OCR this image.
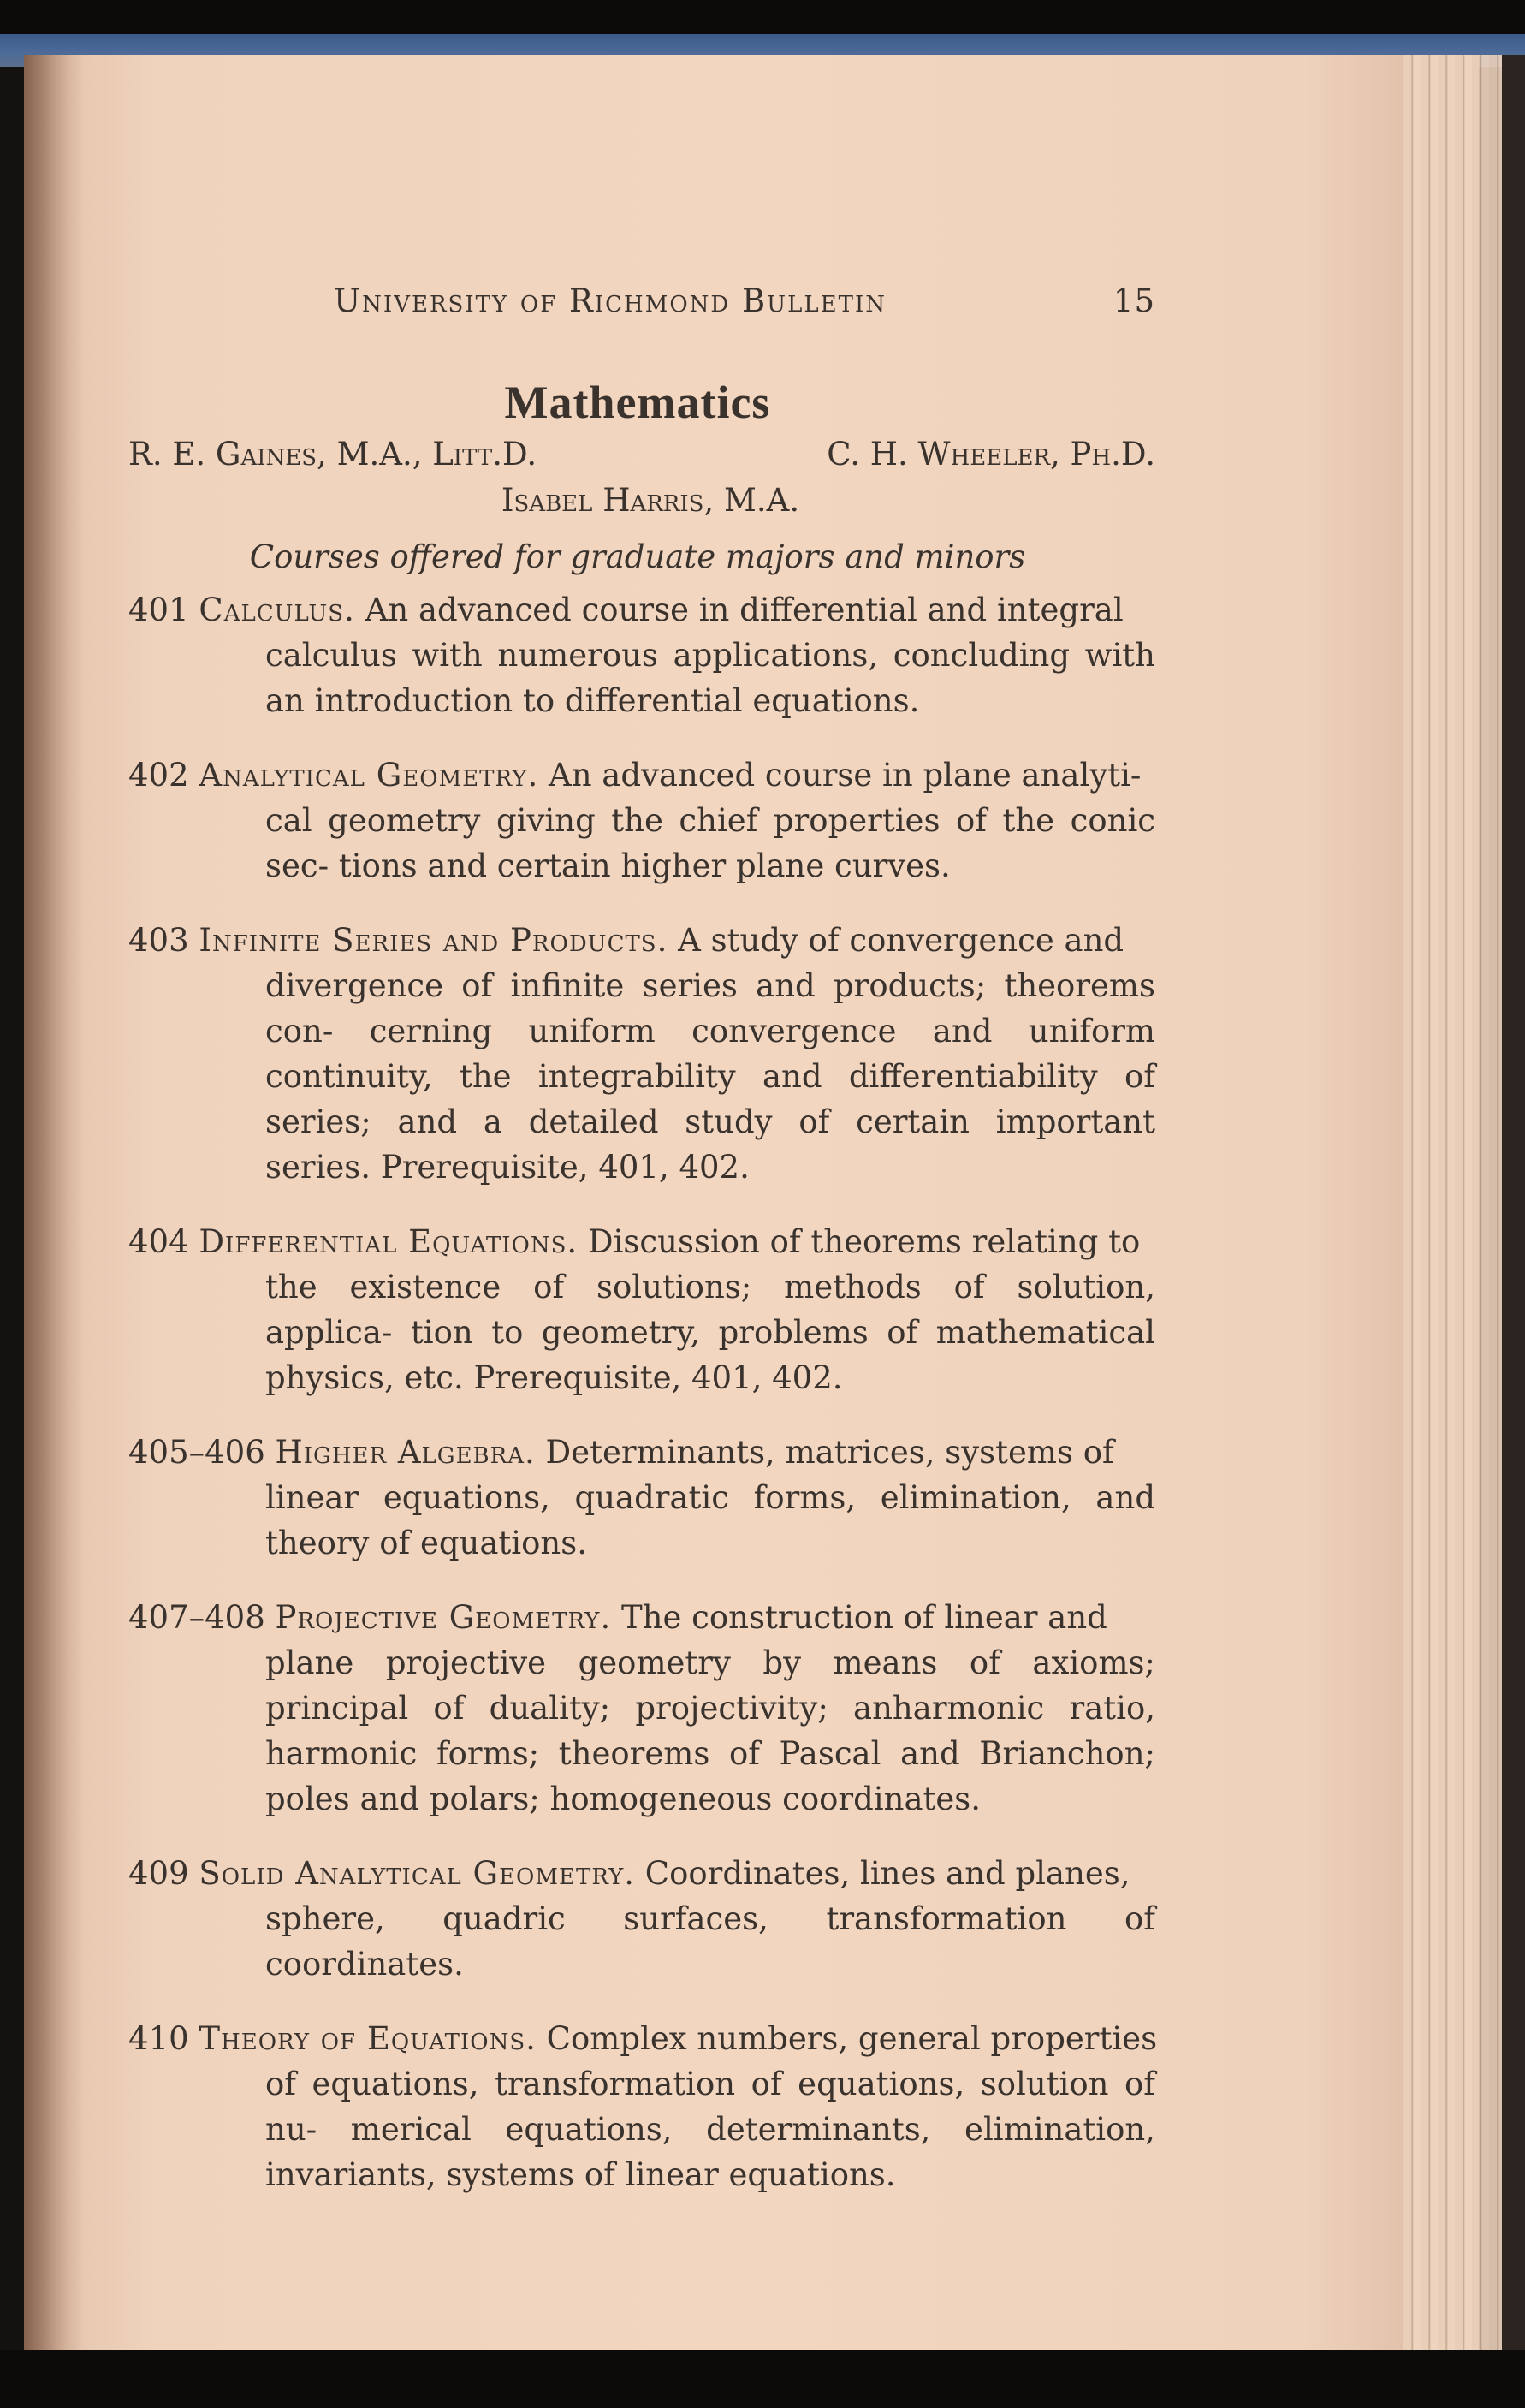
University of Richmond Bulletin	15
Mathematics
R. E. Gaines, M.A., Litt.D.	C. H. Wheeler, Ph.D.
Isabel Harris, M.A.
Courses offered for graduate majors and minors
401 Calculus. An advanced course in differential and integral
calculus with numerous applications, concluding with an introduction to differential equations.
402 Analytical Geometry. An advanced course in plane analyti-
cal geometry giving the chief properties of the conic sec- tions and certain higher plane curves.
403 Infinite Series and Products. A study of convergence and
divergence of infinite series and products; theorems con- cerning uniform convergence and uniform continuity, the integrability and differentiability of series; and a detailed study of certain important series. Prerequisite, 401, 402.
404 Differential Equations. Discussion of theorems relating to
the existence of solutions; methods of solution, applica- tion to geometry, problems of mathematical physics, etc. Prerequisite, 401, 402.
405–406 Higher Algebra. Determinants, matrices, systems of
linear equations, quadratic forms, elimination, and theory of equations.
407–408 Projective Geometry. The construction of linear and
plane projective geometry by means of axioms; principal of duality; projectivity; anharmonic ratio, harmonic forms; theorems of Pascal and Brianchon; poles and polars; homogeneous coordinates.
409 Solid Analytical Geometry. Coordinates, lines and planes,
sphere, quadric surfaces, transformation of coordinates.
410 Theory of Equations. Complex numbers, general properties
of equations, transformation of equations, solution of nu- merical equations, determinants, elimination, invariants, systems of linear equations.
